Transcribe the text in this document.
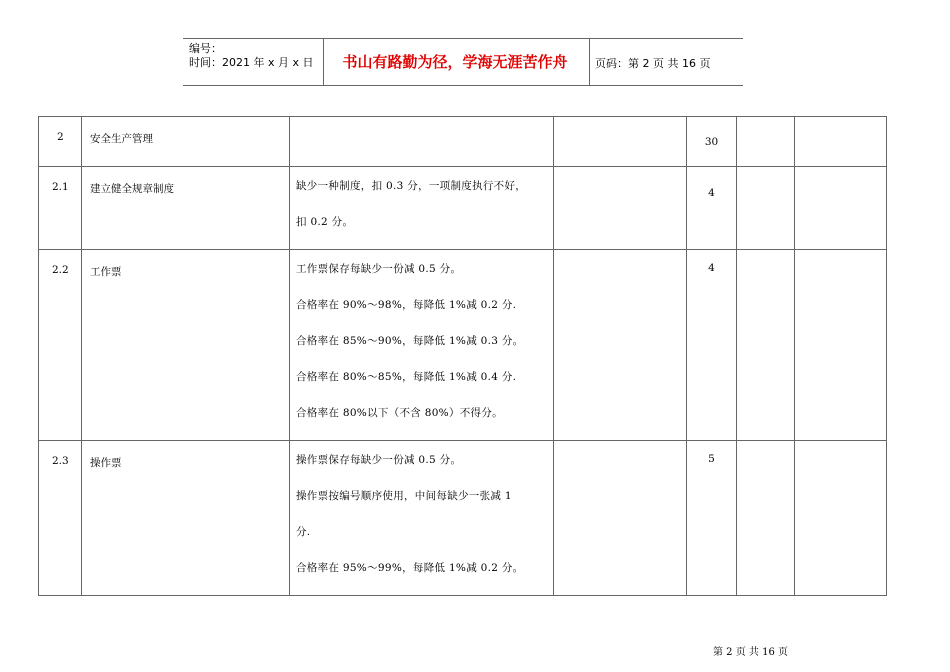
编号：
时间：2021 年 x 月 x 日	书山有路勤为径，学海无涯苦作舟	页码：第 2 页 共 16 页
2	安全生产管理			30		
2.1	建立健全规章制度	缺少一种制度，扣 0.3 分，一项制度执行不好，
扣 0.2 分。		4		
2.2	工作票	工作票保存每缺少一份减 0.5 分。
合格率在 90%～98%，每降低 1%减 0.2 分.
合格率在 85%～90%，每降低 1%减 0.3 分。
合格率在 80%～85%，每降低 1%减 0.4 分.
合格率在 80%以下（不含 80%）不得分。		4		
2.3	操作票	操作票保存每缺少一份减 0.5 分。
操作票按编号顺序使用，中间每缺少一张减 1
分.
合格率在 95%～99%，每降低 1%减 0.2 分。		5		
第 2 页 共 16 页
